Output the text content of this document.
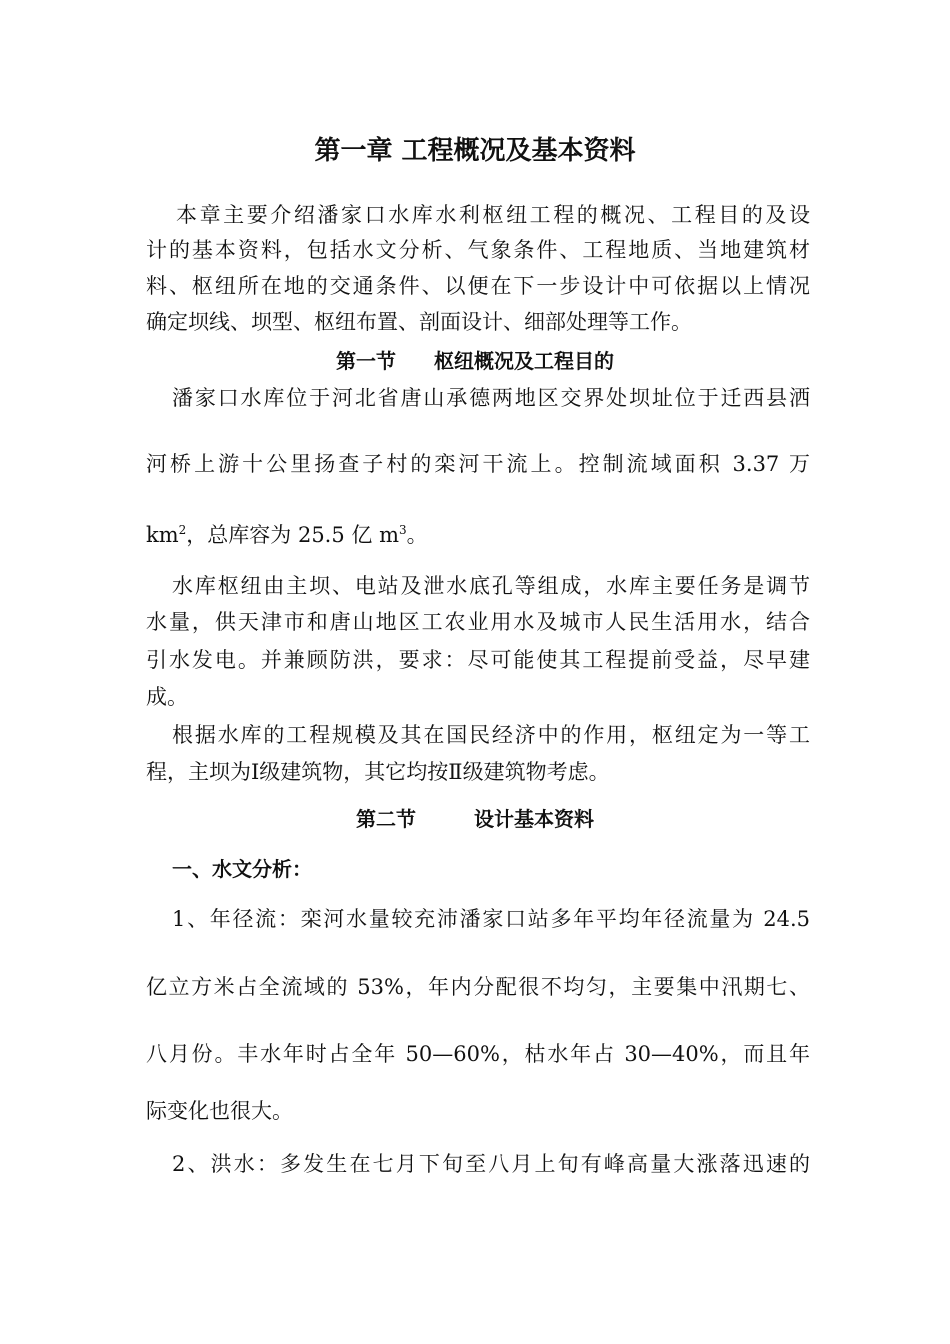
第一章 工程概况及基本资料
本章主要介绍潘家口水库水利枢纽工程的概况、工程目的及设
计的基本资料，包括水文分析、气象条件、工程地质、当地建筑材
料、枢纽所在地的交通条件、以便在下一步设计中可依据以上情况
确定坝线、坝型、枢纽布置、剖面设计、细部处理等工作。
第一节 枢纽概况及工程目的
潘家口水库位于河北省唐山承德两地区交界处坝址位于迁西县洒
河桥上游十公里扬查子村的栾河干流上。控制流域面积 3.37 万
$km^2$，总库容为 25.5 亿 $m^3$。
水库枢纽由主坝、电站及泄水底孔等组成，水库主要任务是调节
水量，供天津市和唐山地区工农业用水及城市人民生活用水，结合
引水发电。并兼顾防洪，要求：尽可能使其工程提前受益，尽早建
成。
根据水库的工程规模及其在国民经济中的作用，枢纽定为一等工
程，主坝为Ⅰ级建筑物，其它均按Ⅱ级建筑物考虑。
第二节	设计基本资料
一、水文分析：
1、年径流：栾河水量较充沛潘家口站多年平均年径流量为 24.5
亿立方米占全流域的 53%，年内分配很不均匀，主要集中汛期七、
八月份。丰水年时占全年 50—60%，枯水年占 30—40%，而且年
际变化也很大。
2、洪水：多发生在七月下旬至八月上旬有峰高量大涨落迅速的
